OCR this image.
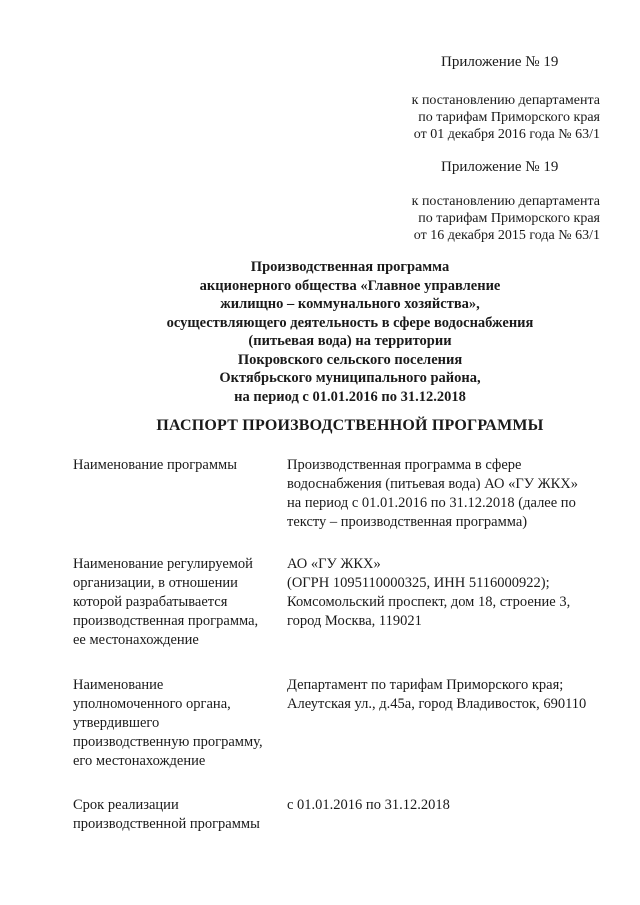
Приложение № 19
к постановлению департамента
по тарифам Приморского края
от 01 декабря 2016 года № 63/1
Приложение № 19
к постановлению департамента
по тарифам Приморского края
от 16 декабря 2015 года № 63/1
Производственная программа
акционерного общества «Главное управление
жилищно – коммунального хозяйства»,
осуществляющего деятельность в сфере водоснабжения
(питьевая вода) на территории
Покровского сельского поселения
Октябрьского муниципального района,
на период с 01.01.2016 по 31.12.2018
ПАСПОРТ ПРОИЗВОДСТВЕННОЙ ПРОГРАММЫ
Наименование программы	Производственная программа в сфере
водоснабжения (питьевая вода) АО «ГУ ЖКХ»
на период с 01.01.2016 по 31.12.2018 (далее по
тексту – производственная программа)
Наименование регулируемой
организации, в отношении
которой разрабатывается
производственная программа,
ее местонахождение
АО «ГУ ЖКХ»
(ОГРН 1095110000325, ИНН 5116000922);
Комсомольский проспект, дом 18, строение 3,
город Москва, 119021
Наименование
уполномоченного органа,
утвердившего
производственную программу,
его местонахождение
Департамент по тарифам Приморского края;
Алеутская ул., д.45а, город Владивосток, 690110
Срок реализации
производственной программы
с 01.01.2016 по 31.12.2018
